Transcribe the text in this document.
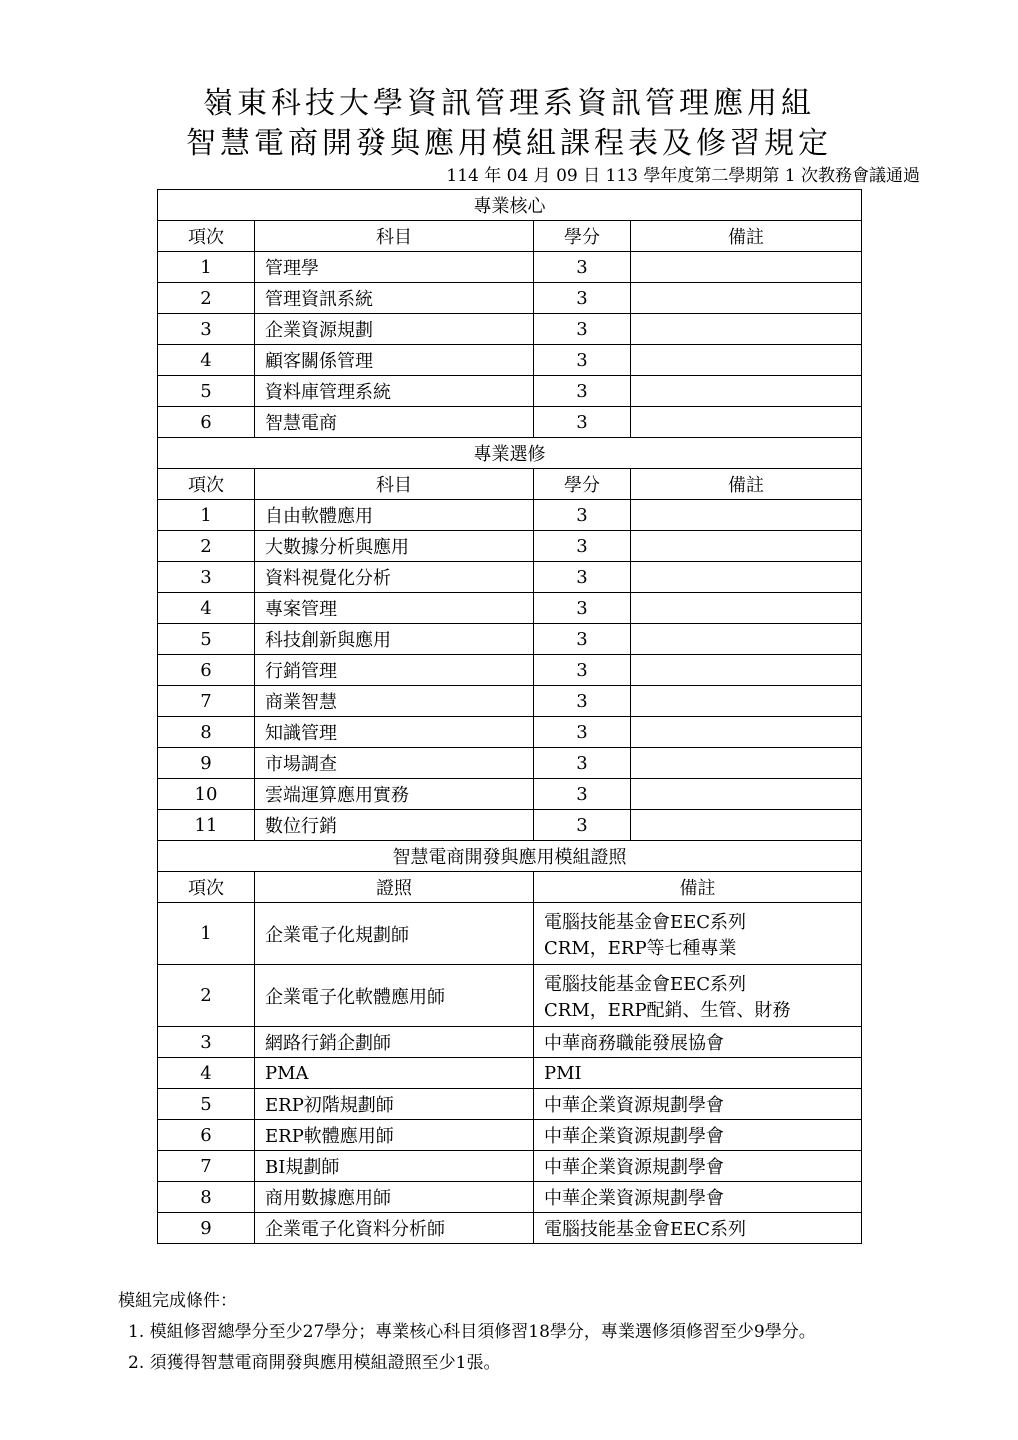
嶺東科技大學資訊管理系資訊管理應用組
智慧電商開發與應用模組課程表及修習規定
114 年 04 月 09 日 113 學年度第二學期第 1 次教務會議通過
專業核心			
項次	科目	學分	備註
1	管理學	3	
2	管理資訊系統	3	
3	企業資源規劃	3	
4	顧客關係管理	3	
5	資料庫管理系統	3	
6	智慧電商	3	
專業選修			
項次	科目	學分	備註
1	自由軟體應用	3	
2	大數據分析與應用	3	
3	資料視覺化分析	3	
4	專案管理	3	
5	科技創新與應用	3	
6	行銷管理	3	
7	商業智慧	3	
8	知識管理	3	
9	市場調查	3	
10	雲端運算應用實務	3	
11	數位行銷	3	
智慧電商開發與應用模組證照			
項次	證照	備註	
1	企業電子化規劃師	電腦技能基金會EEC系列
CRM，ERP等七種專業	

2	企業電子化軟體應用師	電腦技能基金會EEC系列
CRM，ERP配銷、生管、財務	

3	網路行銷企劃師	中華商務職能發展協會	

4	PMA	PMI	

5	ERP初階規劃師	中華企業資源規劃學會	

6	ERP軟體應用師	中華企業資源規劃學會	

7	BI規劃師	中華企業資源規劃學會	

8	商用數據應用師	中華企業資源規劃學會	

9	企業電子化資料分析師	電腦技能基金會EEC系列	
模組完成條件：
1. 模組修習總學分至少27學分；專業核心科目須修習18學分，專業選修須修習至少9學分。
2. 須獲得智慧電商開發與應用模組證照至少1張。
